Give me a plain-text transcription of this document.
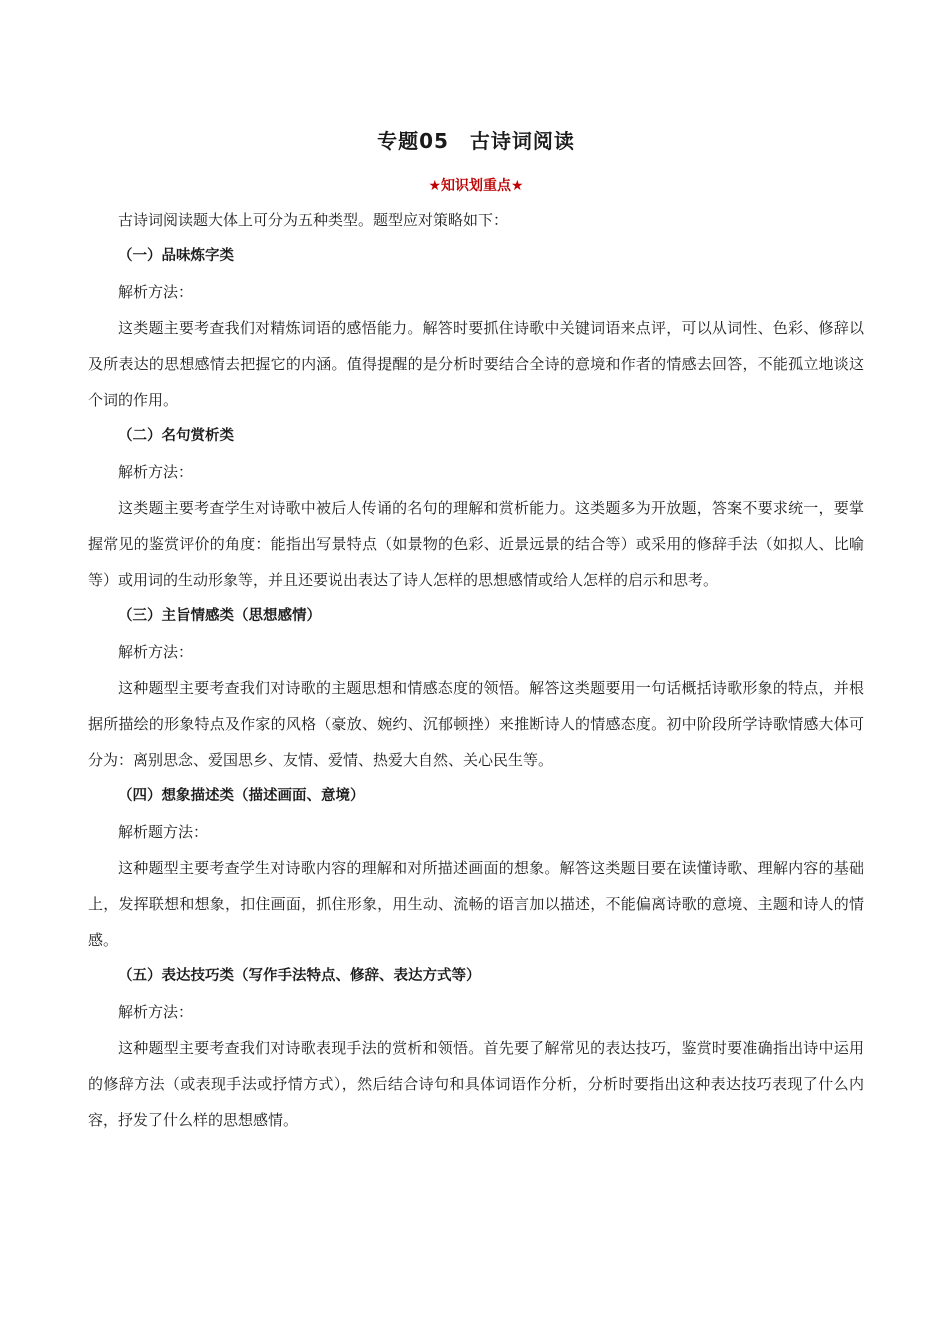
专题05　古诗词阅读
★知识划重点★

古诗词阅读题大体上可分为五种类型。题型应对策略如下：

（一）品味炼字类
解析方法：

这类题主要考查我们对精炼词语的感悟能力。解答时要抓住诗歌中关键词语来点评，可以从词性、色彩、修辞以及所表达的思想感情去把握它的内涵。值得提醒的是分析时要结合全诗的意境和作者的情感去回答，不能孤立地谈这个词的作用。

（二）名句赏析类
解析方法：

这类题主要考查学生对诗歌中被后人传诵的名句的理解和赏析能力。这类题多为开放题，答案不要求统一，要掌握常见的鉴赏评价的角度：能指出写景特点（如景物的色彩、近景远景的结合等）或采用的修辞手法（如拟人、比喻等）或用词的生动形象等，并且还要说出表达了诗人怎样的思想感情或给人怎样的启示和思考。

（三）主旨情感类（思想感情）
解析方法：

这种题型主要考查我们对诗歌的主题思想和情感态度的领悟。解答这类题要用一句话概括诗歌形象的特点，并根据所描绘的形象特点及作家的风格（豪放、婉约、沉郁顿挫）来推断诗人的情感态度。初中阶段所学诗歌情感大体可分为：离别思念、爱国思乡、友情、爱情、热爱大自然、关心民生等。

（四）想象描述类（描述画面、意境）
解析题方法：

这种题型主要考查学生对诗歌内容的理解和对所描述画面的想象。解答这类题目要在读懂诗歌、理解内容的基础上，发挥联想和想象，扣住画面，抓住形象，用生动、流畅的语言加以描述，不能偏离诗歌的意境、主题和诗人的情感。

（五）表达技巧类（写作手法特点、修辞、表达方式等）
解析方法：

这种题型主要考查我们对诗歌表现手法的赏析和领悟。首先要了解常见的表达技巧，鉴赏时要准确指出诗中运用的修辞方法（或表现手法或抒情方式），然后结合诗句和具体词语作分析，分析时要指出这种表达技巧表现了什么内容，抒发了什么样的思想感情。
